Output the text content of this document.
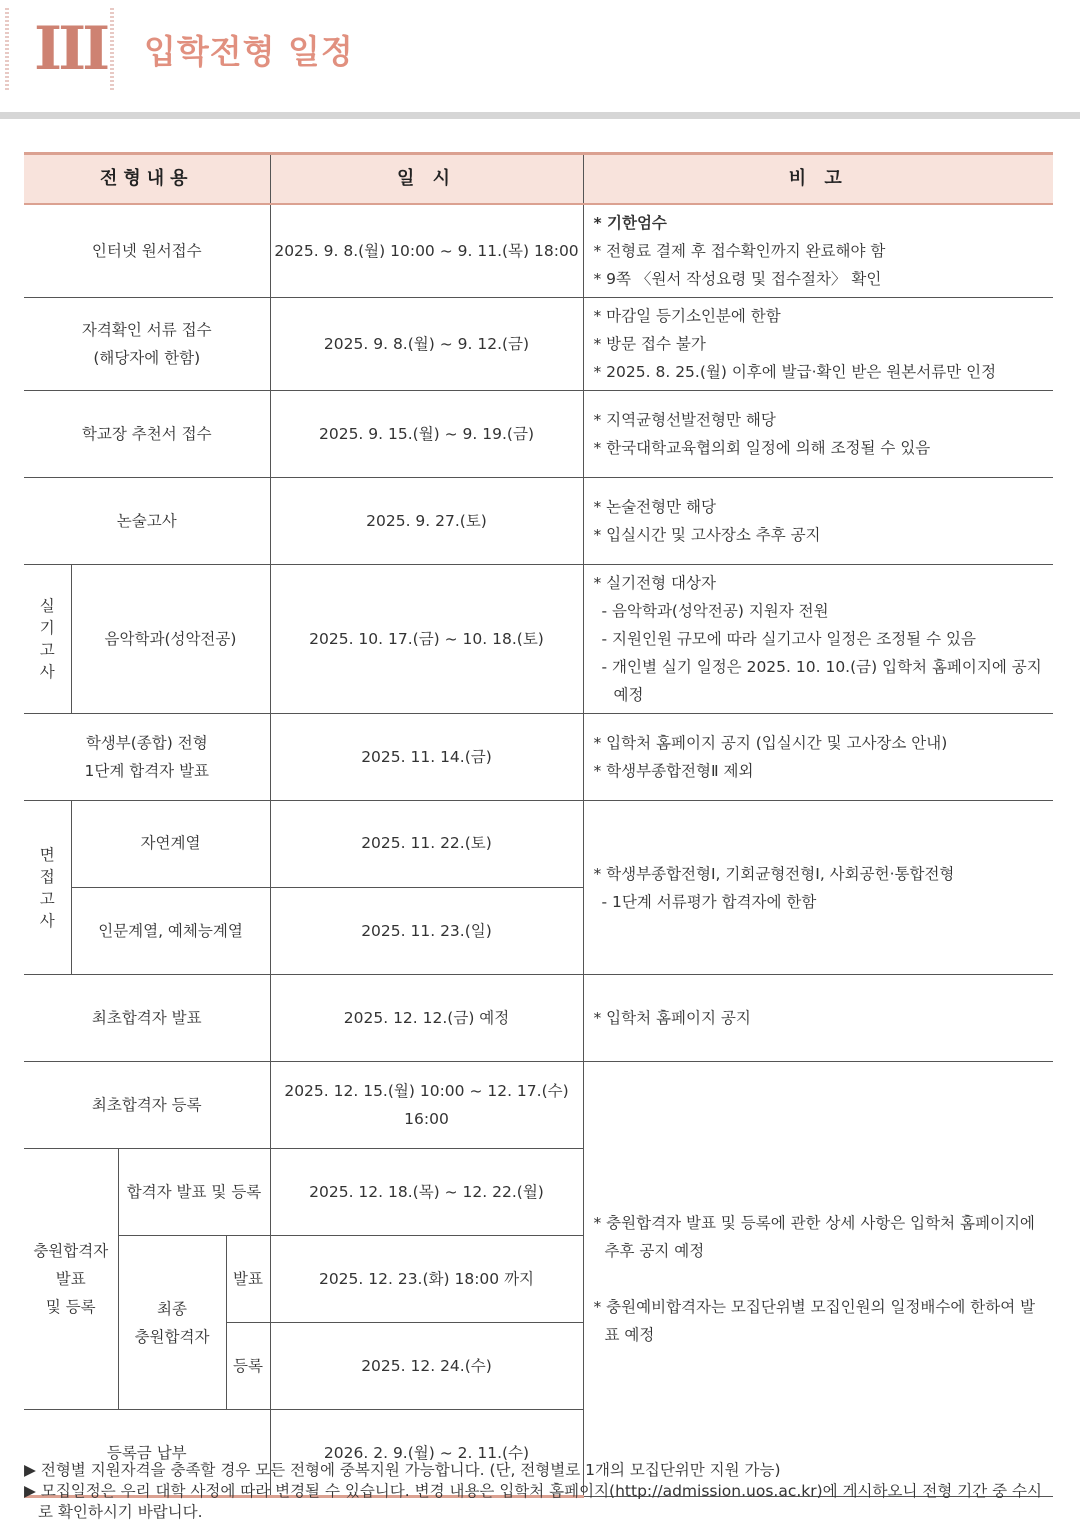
III 입학전형 일정
전형내용				일 시	비 고
인터넷 원서접수				2025. 9. 8.(월) 10:00 ~ 9. 11.(목) 18:00	* 기한엄수
* 전형료 결제 후 접수확인까지 완료해야 함
* 9쪽 〈원서 작성요령 및 접수절차〉 확인

자격확인 서류 접수
(해당자에 한함)				2025. 9. 8.(월) ~ 9. 12.(금)	* 마감일 등기소인분에 한함
* 방문 접수 불가
* 2025. 8. 25.(월) 이후에 발급·확인 받은 원본서류만 인정

학교장 추천서 접수				2025. 9. 15.(월) ~ 9. 19.(금)	* 지역균형선발전형만 해당
* 한국대학교육협의회 일정에 의해 조정될 수 있음

논술고사				2025. 9. 27.(토)	* 논술전형만 해당
* 입실시간 및 고사장소 추후 공지

실
기
고
사	음악학과(성악전공)			2025. 10. 17.(금) ~ 10. 18.(토)	* 실기전형 대상자
- 음악학과(성악전공) 지원자 전원
- 지원인원 규모에 따라 실기고사 일정은 조정될 수 있음
- 개인별 실기 일정은 2025. 10. 10.(금) 입학처 홈페이지에 공지 예정

학생부(종합) 전형
1단계 합격자 발표				2025. 11. 14.(금)	* 입학처 홈페이지 공지 (입실시간 및 고사장소 안내)
* 학생부종합전형Ⅱ 제외

면
접
고
사	자연계열			2025. 11. 22.(토)	* 학생부종합전형Ⅰ, 기회균형전형Ⅰ, 사회공헌·통합전형
- 1단계 서류평가 합격자에 한함

	인문계열, 예체능계열			2025. 11. 23.(일)	
최초합격자 발표				2025. 12. 12.(금) 예정	* 입학처 홈페이지 공지

최초합격자 등록				2025. 12. 15.(월) 10:00 ~ 12. 17.(수) 16:00	* 충원합격자 발표 및 등록에 관한 상세 사항은 입학처 홈페이지에 추후 공지 예정
* 충원예비합격자는 모집단위별 모집인원의 일정배수에 한하여 발표 예정

충원합격자
발표
및 등록		합격자 발표 및 등록		2025. 12. 18.(목) ~ 12. 22.(월)	

		최종
충원합격자	발표	2025. 12. 23.(화) 18:00 까지	
			등록	2025. 12. 24.(수)	
등록금 납부				2026. 2. 9.(월) ~ 2. 11.(수)	
▶ 전형별 지원자격을 충족할 경우 모든 전형에 중복지원 가능합니다. (단, 전형별로 1개의 모집단위만 지원 가능)
▶ 모집일정은 우리 대학 사정에 따라 변경될 수 있습니다. 변경 내용은 입학처 홈페이지(http://admission.uos.ac.kr)에 게시하오니 전형 기간 중 수시로 확인하시기 바랍니다.
